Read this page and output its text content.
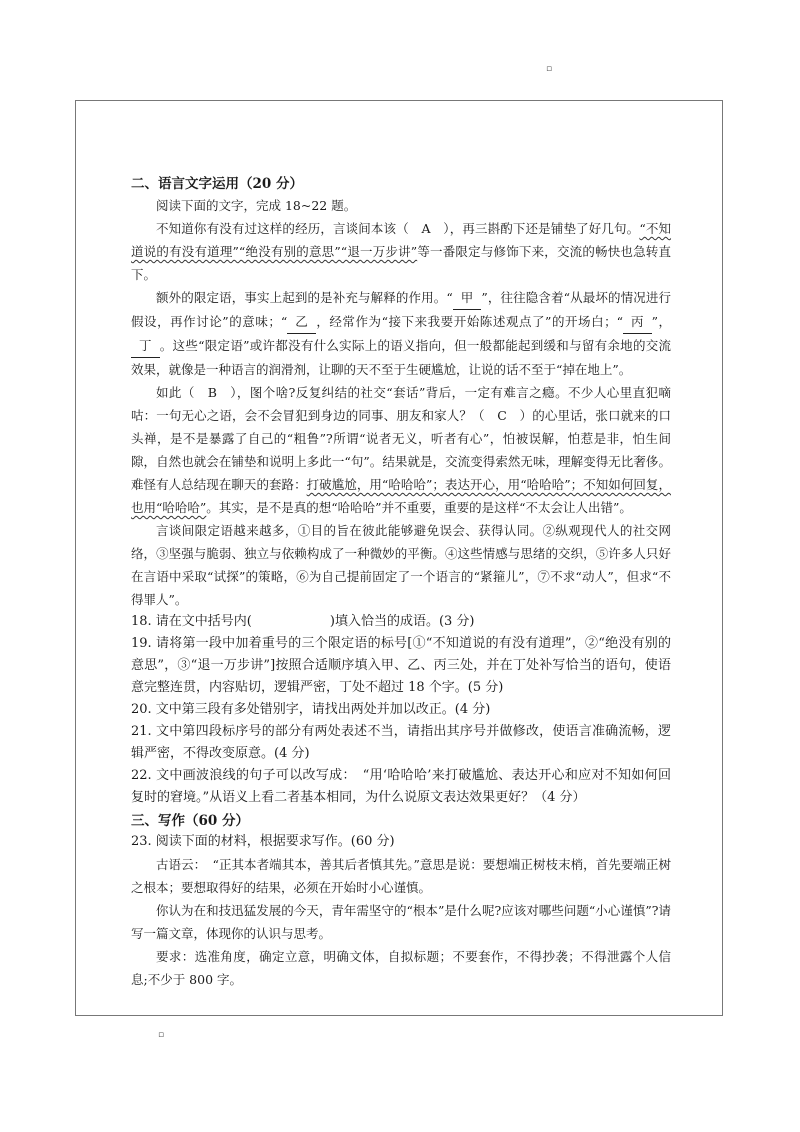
▫

二、语言文字运用（20 分）

阅读下面的文字，完成 18~22 题。

不知道你有没有过这样的经历，言谈间本该（　A　），再三斟酌下还是铺垫了好几句。“不知道说的有没有道理”“绝没有别的意思”“退一万步讲”等一番限定与修饰下来，交流的畅快也急转直下。

额外的限定语，事实上起到的是补充与解释的作用。“ 甲 ”，往往隐含着“从最坏的情况进行假设，再作讨论”的意味；“ 乙 ，经常作为“接下来我要开始陈述观点了”的开场白；“ 丙 ”，丁 。这些“限定语”或许都没有什么实际上的语义指向，但一般都能起到缓和与留有余地的交流效果，就像是一种语言的润滑剂，让聊的天不至于生硬尴尬，让说的话不至于“掉在地上”。

如此（　B　），图个啥?反复纠结的社交“套话”背后，一定有难言之瘾。不少人心里直犯嘀咕：一句无心之语，会不会冒犯到身边的同事、朋友和家人？（　C　）的心里话，张口就来的口头禅，是不是暴露了自己的“粗鲁”?所谓“说者无义，听者有心”，怕被误解，怕惹是非，怕生间隙，自然也就会在铺垫和说明上多此一“句”。结果就是，交流变得索然无味，理解变得无比奢侈。难怪有人总结现在聊天的套路：打破尴尬，用“哈哈哈”；表达开心，用“哈哈哈”；不知如何回复，也用“哈哈哈”。其实，是不是真的想“哈哈哈”并不重要，重要的是这样“不太会让人出错”。

言谈间限定语越来越多，①目的旨在彼此能够避免误会、获得认同。②纵观现代人的社交网络，③坚强与脆弱、独立与依赖构成了一种微妙的平衡。④这些情感与思绪的交织，⑤许多人只好在言语中采取“试探”的策略，⑥为自己提前固定了一个语言的“紧箍儿”，⑦不求“动人”，但求“不得罪人”。

18. 请在文中括号内(　　　　　　)填入恰当的成语。(3 分)

19. 请将第一段中加着重号的三个限定语的标号[①“不知道说的有没有道理”，②“绝没有别的意思”，③“退一万步讲”]按照合适顺序填入甲、乙、丙三处，并在丁处补写恰当的语句，使语意完整连贯，内容贴切，逻辑严密，丁处不超过 18 个字。(5 分)

20. 文中第三段有多处错别字，请找出两处并加以改正。(4 分)

21. 文中第四段标序号的部分有两处表述不当，请指出其序号并做修改，使语言准确流畅，逻辑严密，不得改变原意。(4 分)

22. 文中画波浪线的句子可以改写成：　“用‘哈哈哈’来打破尴尬、表达开心和应对不知如何回复时的窘境。”从语义上看二者基本相同，为什么说原文表达效果更好？（4 分）

三、写作（60 分）

23. 阅读下面的材料，根据要求写作。(60 分)

古语云：　“正其本者端其本，善其后者慎其先。”意思是说：要想端正树枝末梢，首先要端正树之根本；要想取得好的结果，必须在开始时小心谨慎。

你认为在和技迅猛发展的今天，青年需坚守的“根本”是什么呢?应该对哪些问题“小心谨慎”?请写一篇文章，体现你的认识与思考。

要求：选准角度，确定立意，明确文体，自拟标题；不要套作，不得抄袭；不得泄露个人信息;不少于 800 字。

▫
